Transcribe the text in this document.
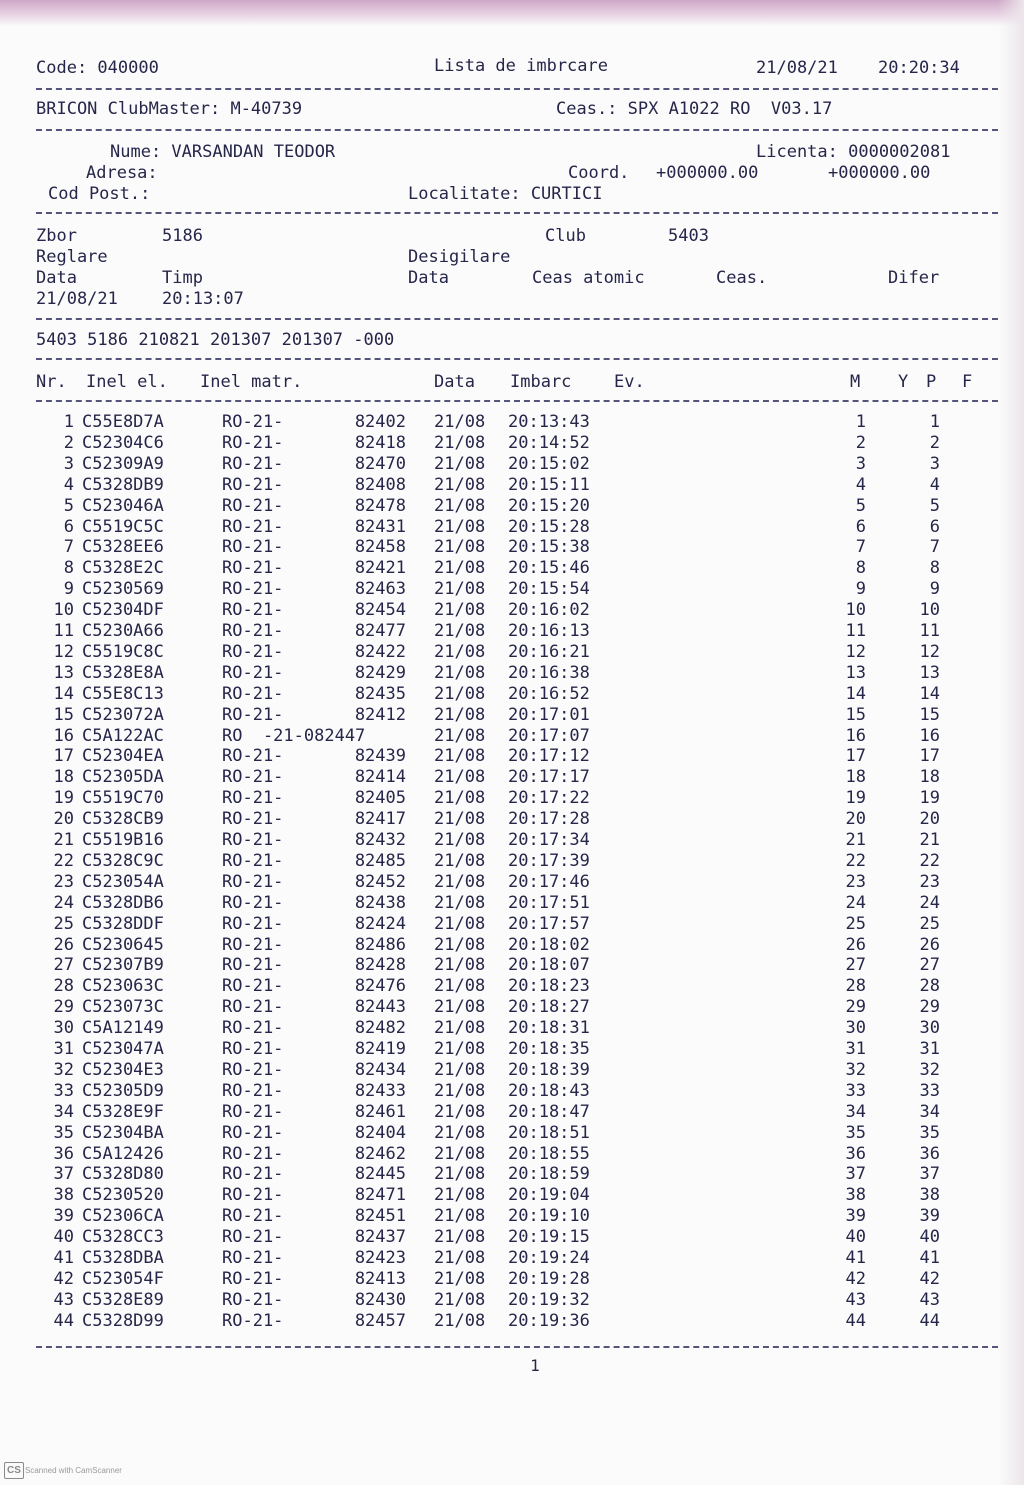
Code: 040000	Lista de imbrcare	21/08/21 20:20:34
BRICON ClubMaster: M-40739	Ceas.: SPX A1022 RO  V03.17
Nume: VARSANDAN TEODOR	Licenta: 0000002081
Adresa:	Coord. +000000.00	+000000.00
Cod Post.:	Localitate: CURTICI
Zbor	5186	Club	5403
Reglare	Desigilare
Data	Timp	Data	Ceas atomic	Ceas.	Difer
21/08/21	20:13:07
5403 5186 210821 201307 201307 -000
Nr. Inel el. Inel matr.	Data Imbarc	Ev.	M Y P F
1 C55E8D7A	RO-21-	82402 21/08 20:13:43	1	1
2 C52304C6	RO-21-	82418 21/08 20:14:52	2	2
3 C52309A9	RO-21-	82470 21/08 20:15:02	3	3
4 C5328DB9	RO-21-	82408 21/08 20:15:11	4	4
5 C523046A	RO-21-	82478 21/08 20:15:20	5	5
6 C5519C5C	RO-21-	82431 21/08 20:15:28	6	6
7 C5328EE6	RO-21-	82458 21/08 20:15:38	7	7
8 C5328E2C	RO-21-	82421 21/08 20:15:46	8	8
9 C5230569	RO-21-	82463 21/08 20:15:54	9	9
10 C52304DF	RO-21-	82454 21/08 20:16:02	10	10
11 C5230A66	RO-21-	82477 21/08 20:16:13	11	11
12 C5519C8C	RO-21-	82422 21/08 20:16:21	12	12
13 C5328E8A	RO-21-	82429 21/08 20:16:38	13	13
14 C55E8C13	RO-21-	82435 21/08 20:16:52	14	14
15 C523072A	RO-21-	82412 21/08 20:17:01	15	15
16 C5A122AC	RO  -21-082447	21/08 20:17:07	16	16
17 C52304EA	RO-21-	82439 21/08 20:17:12	17	17
18 C52305DA	RO-21-	82414 21/08 20:17:17	18	18
19 C5519C70	RO-21-	82405 21/08 20:17:22	19	19
20 C5328CB9	RO-21-	82417 21/08 20:17:28	20	20
21 C5519B16	RO-21-	82432 21/08 20:17:34	21	21
22 C5328C9C	RO-21-	82485 21/08 20:17:39	22	22
23 C523054A	RO-21-	82452 21/08 20:17:46	23	23
24 C5328DB6	RO-21-	82438 21/08 20:17:51	24	24
25 C5328DDF	RO-21-	82424 21/08 20:17:57	25	25
26 C5230645	RO-21-	82486 21/08 20:18:02	26	26
27 C52307B9	RO-21-	82428 21/08 20:18:07	27	27
28 C523063C	RO-21-	82476 21/08 20:18:23	28	28
29 C523073C	RO-21-	82443 21/08 20:18:27	29	29
30 C5A12149	RO-21-	82482 21/08 20:18:31	30	30
31 C523047A	RO-21-	82419 21/08 20:18:35	31	31
32 C52304E3	RO-21-	82434 21/08 20:18:39	32	32
33 C52305D9	RO-21-	82433 21/08 20:18:43	33	33
34 C5328E9F	RO-21-	82461 21/08 20:18:47	34	34
35 C52304BA	RO-21-	82404 21/08 20:18:51	35	35
36 C5A12426	RO-21-	82462 21/08 20:18:55	36	36
37 C5328D80	RO-21-	82445 21/08 20:18:59	37	37
38 C5230520	RO-21-	82471 21/08 20:19:04	38	38
39 C52306CA	RO-21-	82451 21/08 20:19:10	39	39
40 C5328CC3	RO-21-	82437 21/08 20:19:15	40	40
41 C5328DBA	RO-21-	82423 21/08 20:19:24	41	41
42 C523054F	RO-21-	82413 21/08 20:19:28	42	42
43 C5328E89	RO-21-	82430 21/08 20:19:32	43	43
44 C5328D99	RO-21-	82457 21/08 20:19:36	44	44
1
CS Scanned with CamScanner
